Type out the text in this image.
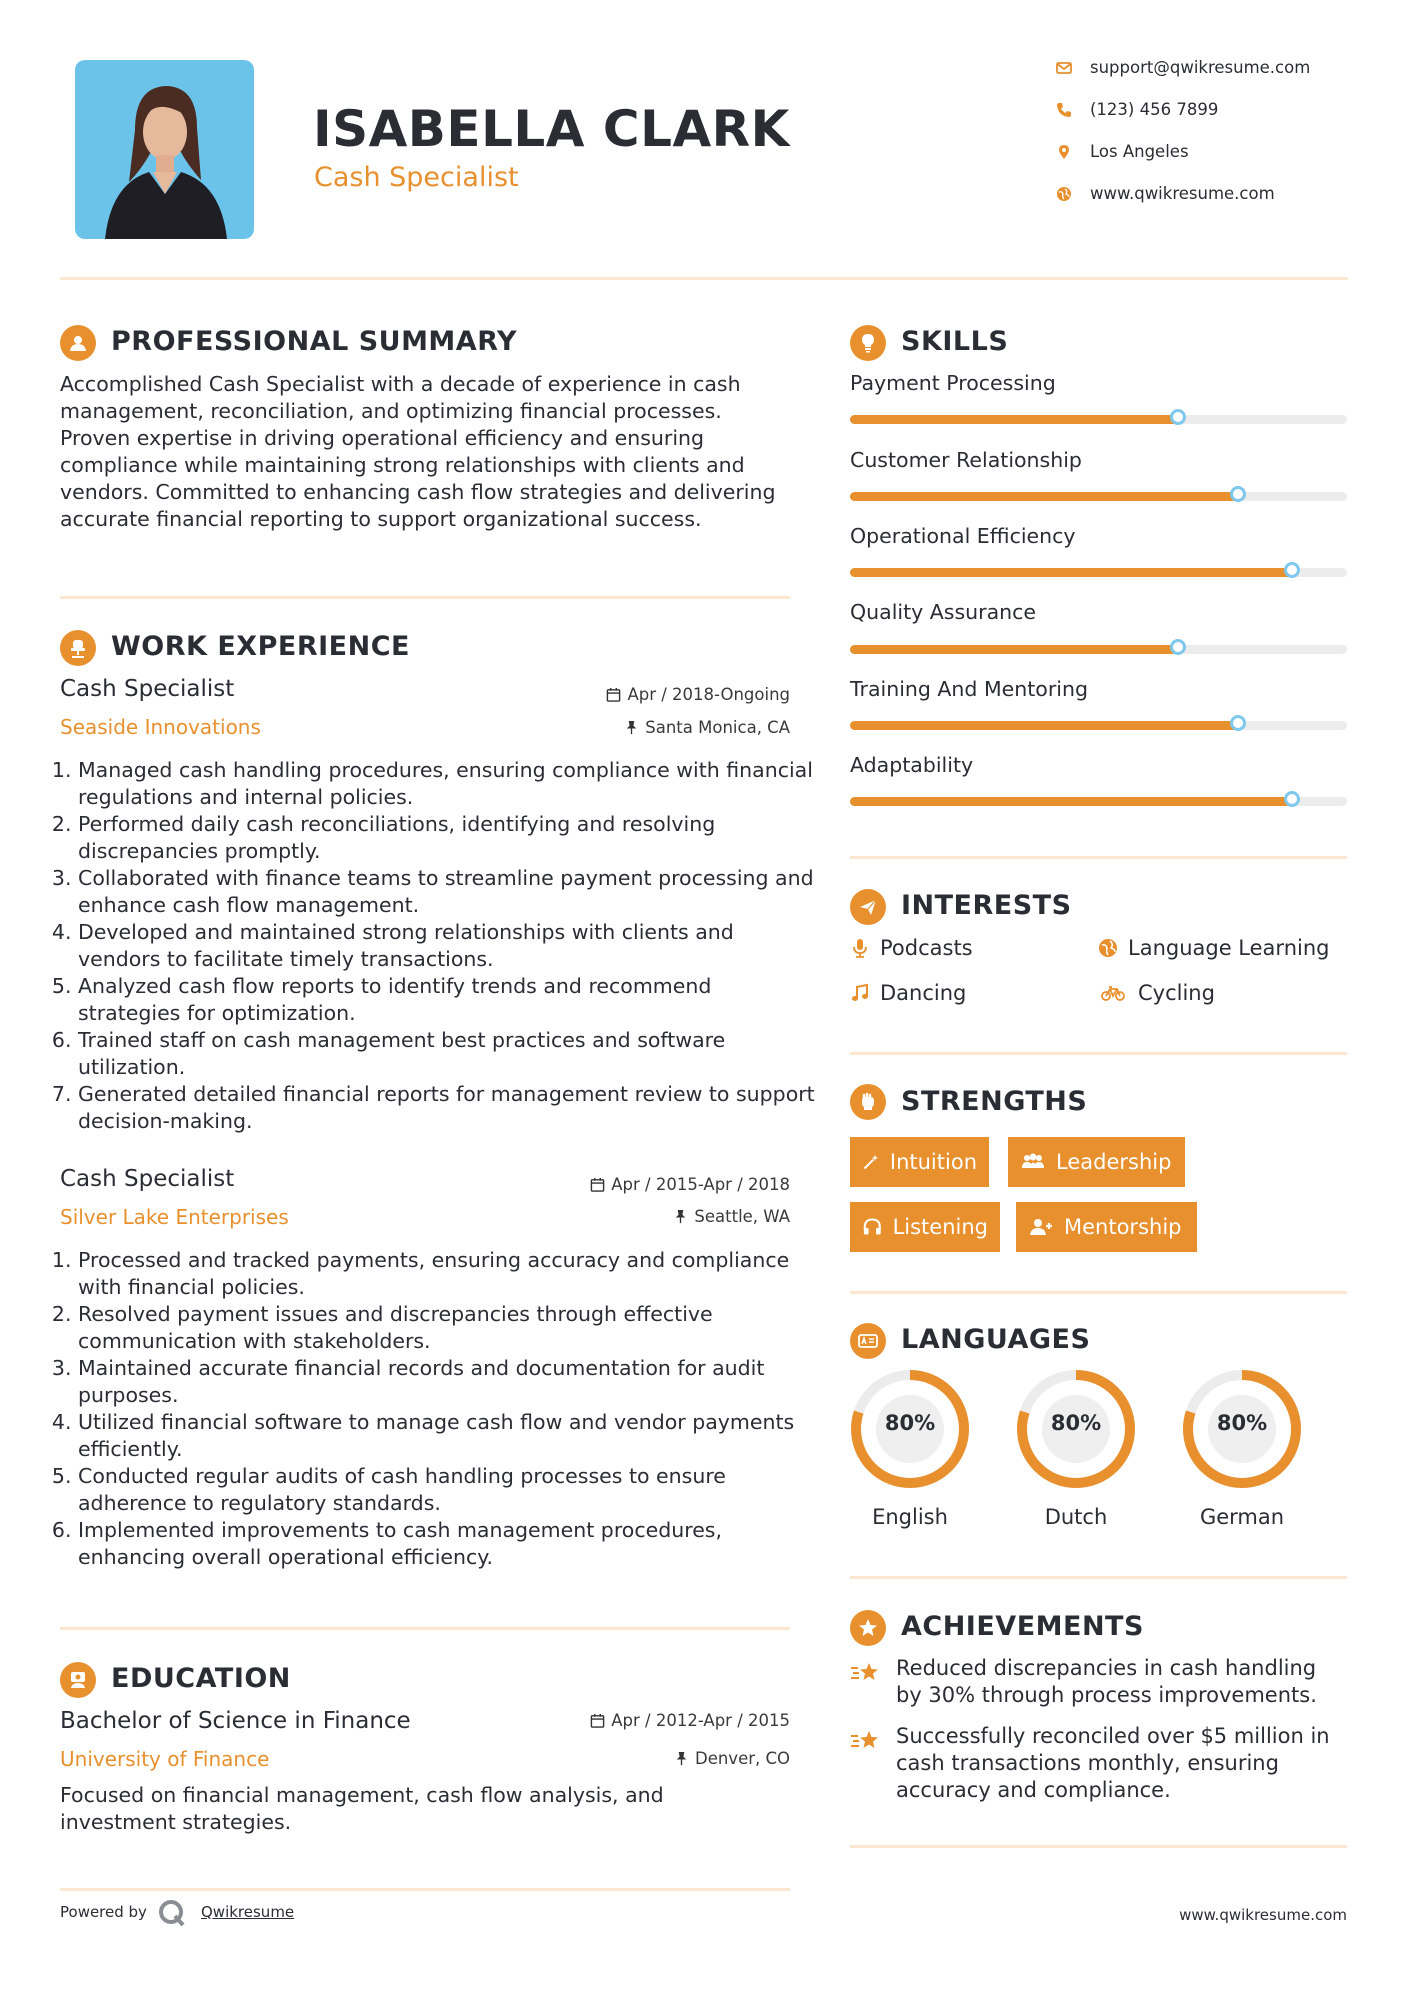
ISABELLA CLARK
Cash Specialist
support@qwikresume.com
(123) 456 7899
Los Angeles
www.qwikresume.com
PROFESSIONAL SUMMARY
Accomplished Cash Specialist with a decade of experience in cash management, reconciliation, and optimizing financial processes. Proven expertise in driving operational efficiency and ensuring compliance while maintaining strong relationships with clients and vendors. Committed to enhancing cash flow strategies and delivering accurate financial reporting to support organizational success.
WORK EXPERIENCE
Cash Specialist	Apr / 2018-Ongoing
Seaside Innovations	Santa Monica, CA
1. Managed cash handling procedures, ensuring compliance with financial regulations and internal policies.
2. Performed daily cash reconciliations, identifying and resolving discrepancies promptly.
3. Collaborated with finance teams to streamline payment processing and enhance cash flow management.
4. Developed and maintained strong relationships with clients and vendors to facilitate timely transactions.
5. Analyzed cash flow reports to identify trends and recommend strategies for optimization.
6. Trained staff on cash management best practices and software utilization.
7. Generated detailed financial reports for management review to support decision-making.
Cash Specialist	Apr / 2015-Apr / 2018
Silver Lake Enterprises	Seattle, WA
1. Processed and tracked payments, ensuring accuracy and compliance with financial policies.
2. Resolved payment issues and discrepancies through effective communication with stakeholders.
3. Maintained accurate financial records and documentation for audit purposes.
4. Utilized financial software to manage cash flow and vendor payments efficiently.
5. Conducted regular audits of cash handling processes to ensure adherence to regulatory standards.
6. Implemented improvements to cash management procedures, enhancing overall operational efficiency.
EDUCATION
Bachelor of Science in Finance	Apr / 2012-Apr / 2015
University of Finance	Denver, CO
Focused on financial management, cash flow analysis, and investment strategies.
Powered by	Qwikresume	www.qwikresume.com
SKILLS
Payment Processing
Customer Relationship
Operational Efficiency
Quality Assurance
Training And Mentoring
Adaptability
INTERESTS
Podcasts	Language Learning
Dancing	Cycling
STRENGTHS
Intuition	Leadership
Listening	Mentorship
LANGUAGES
80%
English
80%
Dutch
80%
German
ACHIEVEMENTS
Reduced discrepancies in cash handling by 30% through process improvements.
Successfully reconciled over $5 million in cash transactions monthly, ensuring accuracy and compliance.
